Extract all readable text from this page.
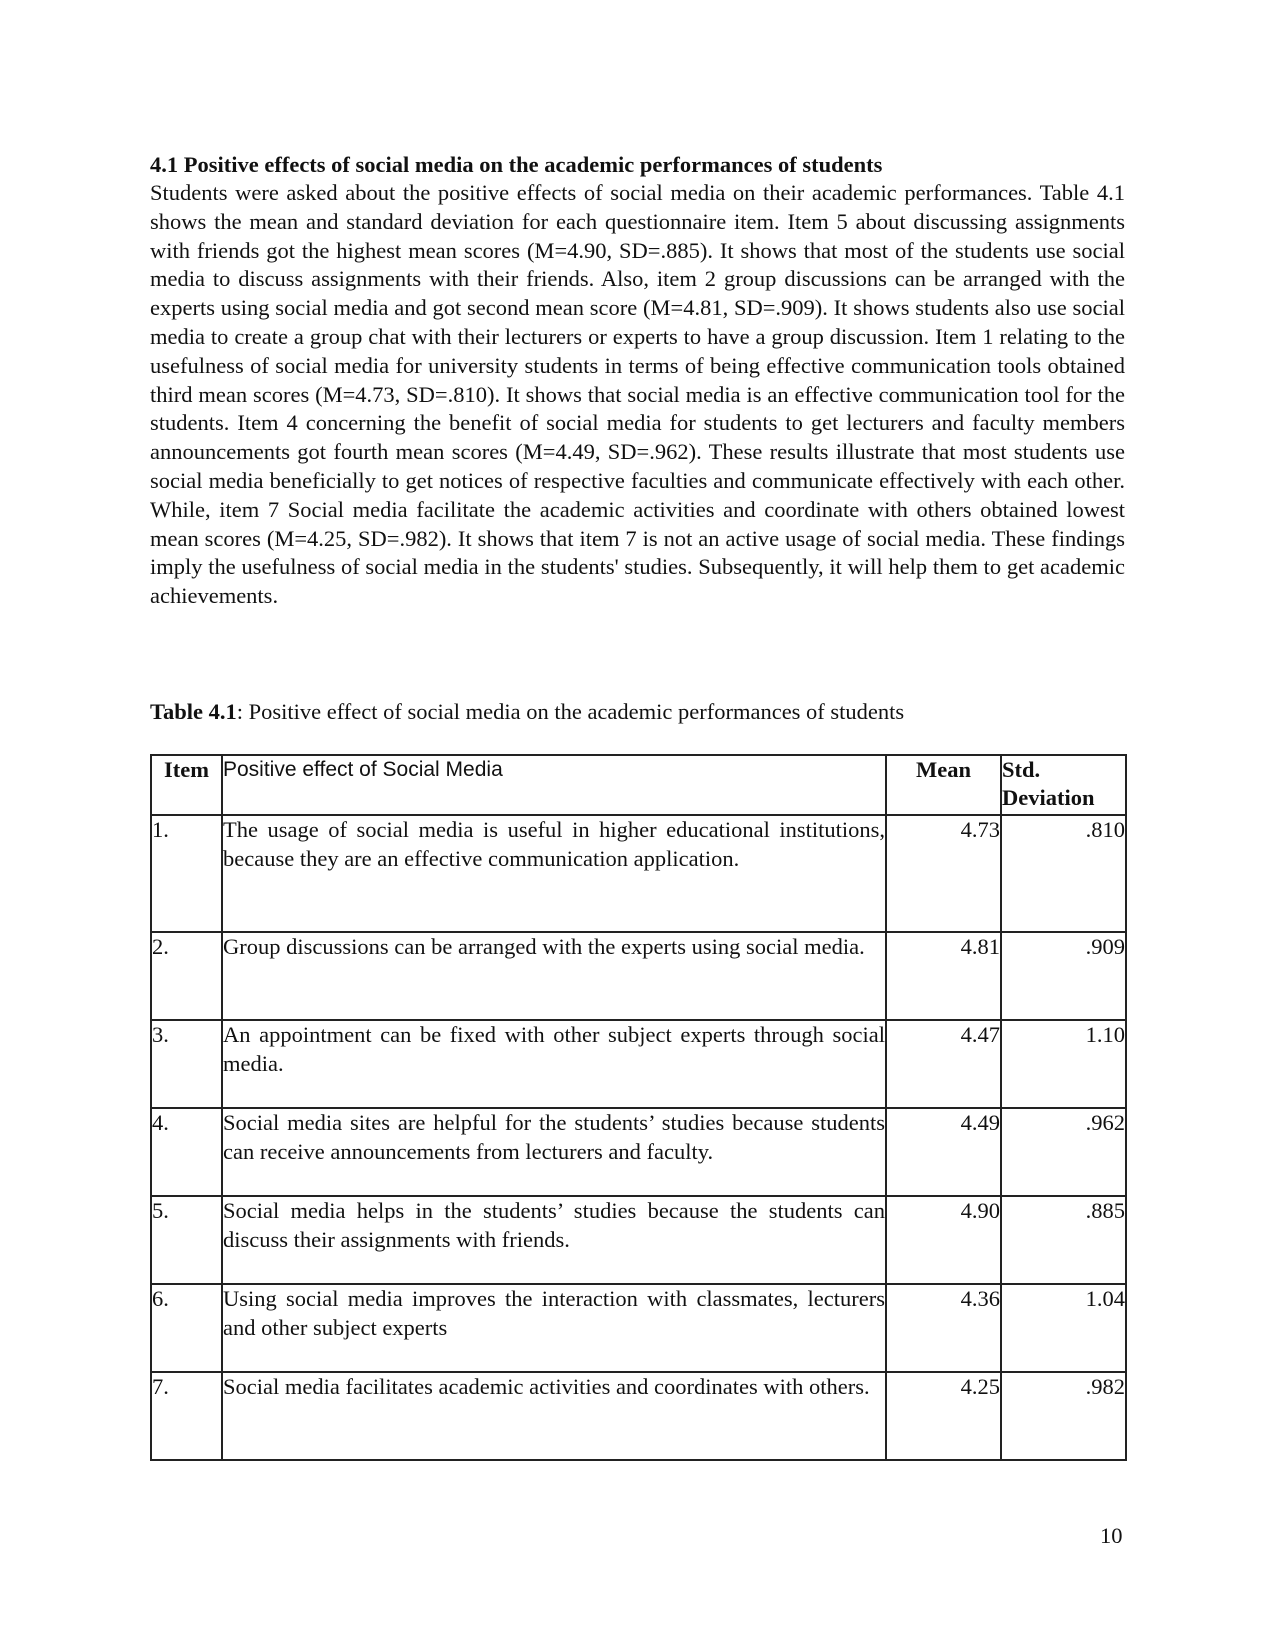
4.1 Positive effects of social media on the academic performances of students

Students were asked about the positive effects of social media on their academic performances. Table 4.1 shows the mean and standard deviation for each questionnaire item. Item 5 about discussing assignments with friends got the highest mean scores (M=4.90, SD=.885). It shows that most of the students use social media to discuss assignments with their friends. Also, item 2 group discussions can be arranged with the experts using social media and got second mean score (M=4.81, SD=.909). It shows students also use social media to create a group chat with their lecturers or experts to have a group discussion. Item 1 relating to the usefulness of social media for university students in terms of being effective communication tools obtained third mean scores (M=4.73, SD=.810). It shows that social media is an effective communication tool for the students. Item 4 concerning the benefit of social media for students to get lecturers and faculty members announcements got fourth mean scores (M=4.49, SD=.962). These results illustrate that most students use social media beneficially to get notices of respective faculties and communicate effectively with each other. While, item 7 Social media facilitate the academic activities and coordinate with others obtained lowest mean scores (M=4.25, SD=.982). It shows that item 7 is not an active usage of social media. These findings imply the usefulness of social media in the students' studies. Subsequently, it will help them to get academic achievements.

Table 4.1: Positive effect of social media on the academic performances of students

Item	Positive effect of Social Media	Mean	Std. Deviation
1.	The usage of social media is useful in higher educational institutions, because they are an effective communication application.	4.73	.810
2.	Group discussions can be arranged with the experts using social media.	4.81	.909
3.	An appointment can be fixed with other subject experts through social media.	4.47	1.10
4.	Social media sites are helpful for the students’ studies because students can receive announcements from lecturers and faculty.	4.49	.962
5.	Social media helps in the students’ studies because the students can discuss their assignments with friends.	4.90	.885
6.	Using social media improves the interaction with classmates, lecturers and other subject experts	4.36	1.04
7.	Social media facilitates academic activities and coordinates with others.	4.25	.982
10
